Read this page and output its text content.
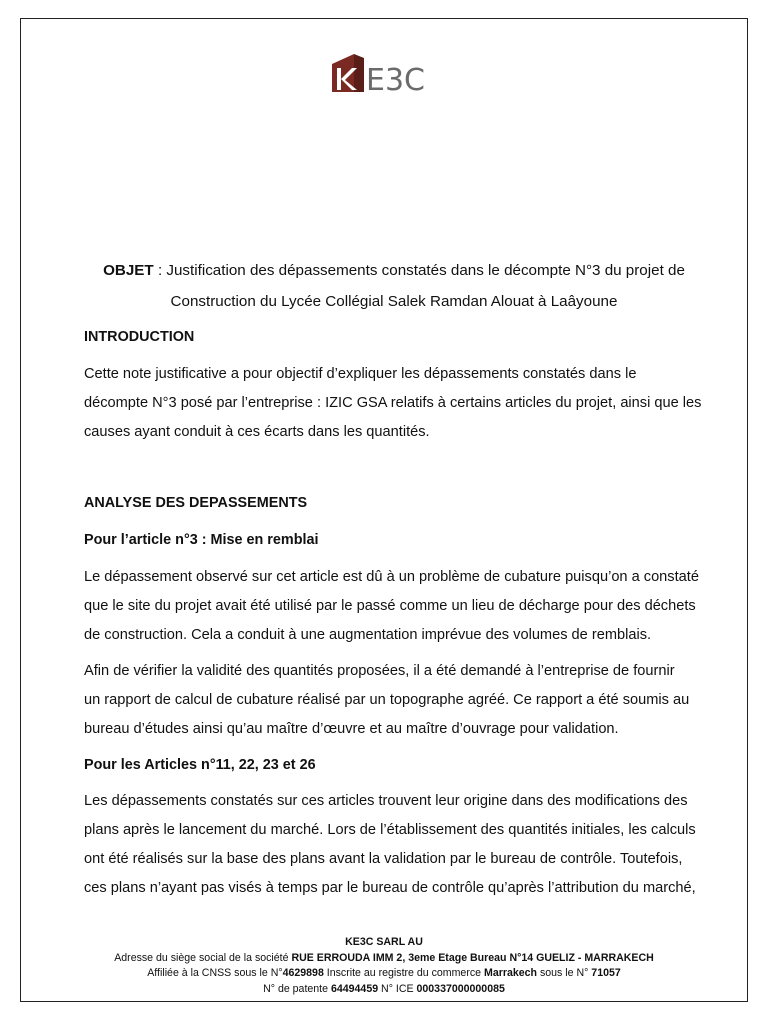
E3C
OBJET : Justification des dépassements constatés dans le décompte N°3 du projet de
Construction du Lycée Collégial Salek Ramdan Alouat à Laâyoune
INTRODUCTION
Cette note justificative a pour objectif d’expliquer les dépassements constatés dans le
décompte N°3 posé par l’entreprise : IZIC GSA relatifs à certains articles du projet, ainsi que les
causes ayant conduit à ces écarts dans les quantités.
ANALYSE DES DEPASSEMENTS
Pour l’article n°3 : Mise en remblai
Le dépassement observé sur cet article est dû à un problème de cubature puisqu’on a constaté
que le site du projet avait été utilisé par le passé comme un lieu de décharge pour des déchets
de construction. Cela a conduit à une augmentation imprévue des volumes de remblais.
Afin de vérifier la validité des quantités proposées, il a été demandé à l’entreprise de fournir
un rapport de calcul de cubature réalisé par un topographe agréé. Ce rapport a été soumis au
bureau d’études ainsi qu’au maître d’œuvre et au maître d’ouvrage pour validation.
Pour les Articles n°11, 22, 23 et 26
Les dépassements constatés sur ces articles trouvent leur origine dans des modifications des
plans après le lancement du marché. Lors de l’établissement des quantités initiales, les calculs
ont été réalisés sur la base des plans avant la validation par le bureau de contrôle. Toutefois,
ces plans n’ayant pas visés à temps par le bureau de contrôle qu’après l’attribution du marché,
KE3C SARL AU
Adresse du siège social de la société RUE ERROUDA IMM 2, 3eme Etage Bureau N°14 GUELIZ - MARRAKECH
Affiliée à la CNSS sous le N°4629898 Inscrite au registre du commerce Marrakech sous le N° 71057
N° de patente 64494459 N° ICE 000337000000085
